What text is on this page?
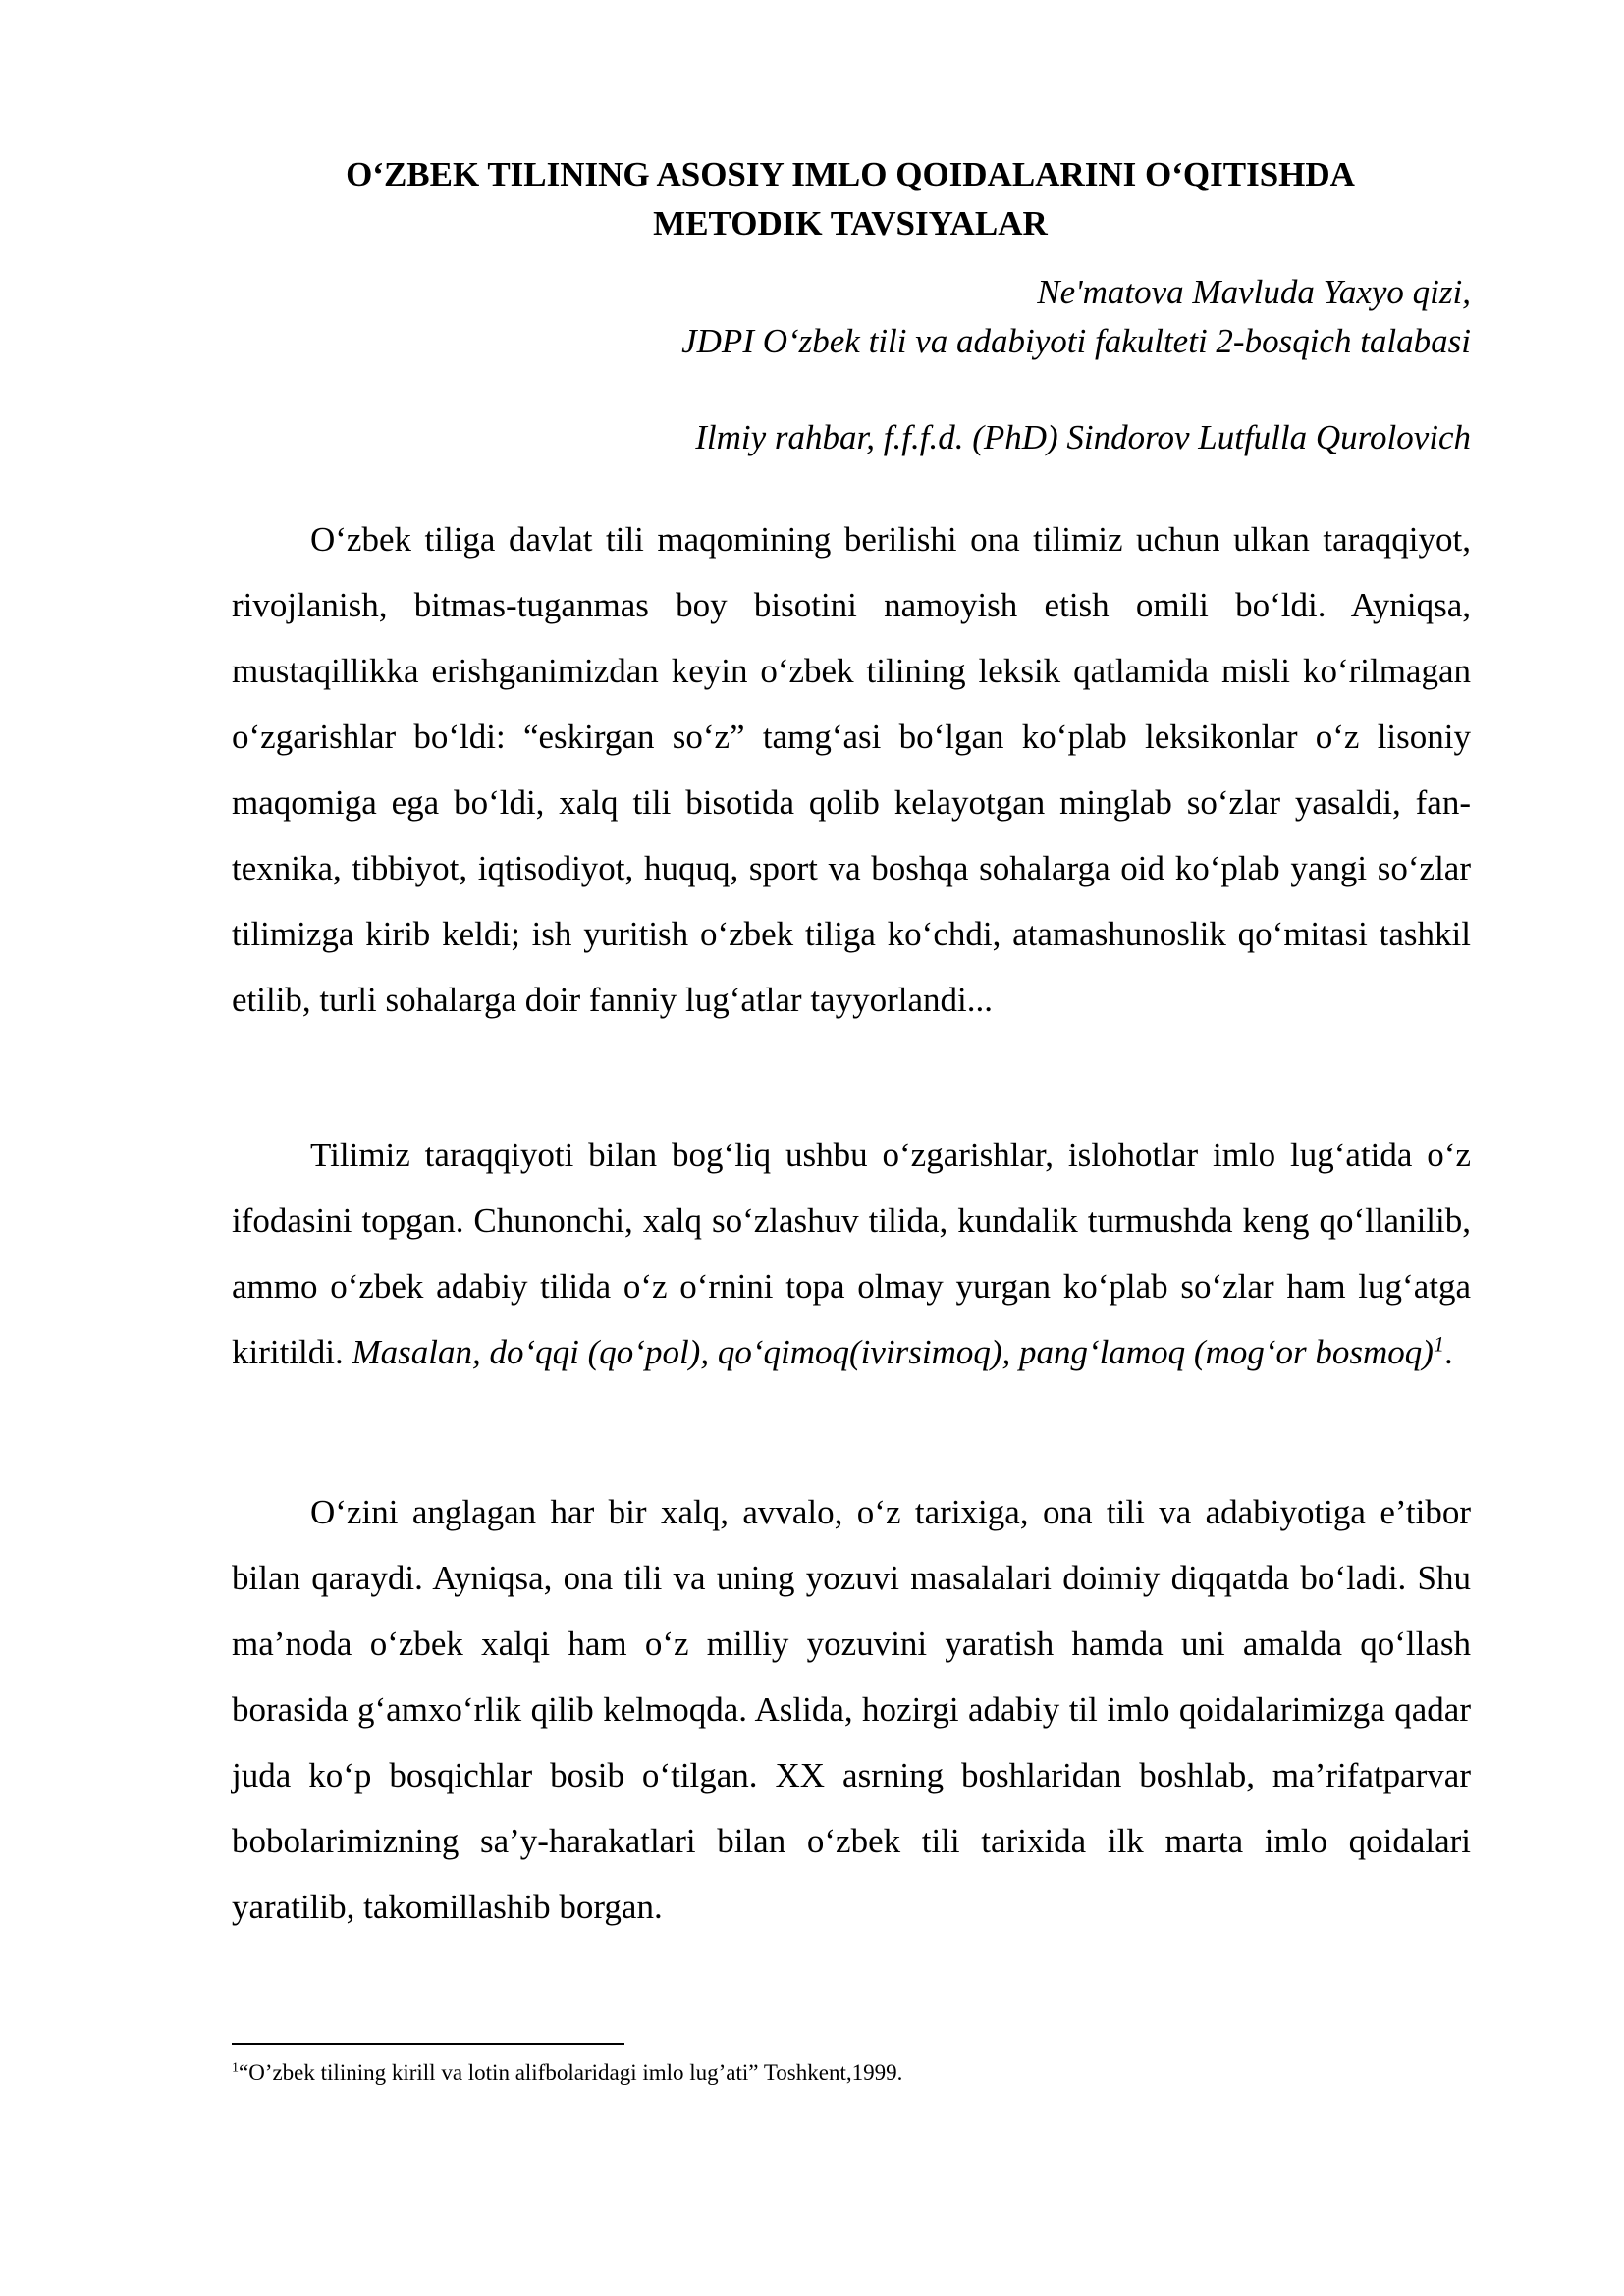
O‘ZBEK TILINING ASOSIY IMLO QOIDALARINI O‘QITISHDA
METODIK TAVSIYALAR
Ne'matova Mavluda Yaxyo qizi,
JDPI O‘zbek tili va adabiyoti fakulteti 2-bosqich talabasi
Ilmiy rahbar, f.f.f.d. (PhD) Sindorov Lutfulla Qurolovich

O‘zbek tiliga davlat tili maqomining berilishi ona tilimiz uchun ulkan taraqqiyot, rivojlanish, bitmas-tuganmas boy bisotini namoyish etish omili bo‘ldi. Ayniqsa, mustaqillikka erishganimizdan keyin o‘zbek tilining leksik qatlamida misli ko‘rilmagan o‘zgarishlar bo‘ldi: “eskirgan so‘z” tamg‘asi bo‘lgan ko‘plab leksikonlar o‘z lisoniy maqomiga ega bo‘ldi, xalq tili bisotida qolib kelayotgan minglab so‘zlar yasaldi, fan-texnika, tibbiyot, iqtisodiyot, huquq, sport va boshqa sohalarga oid ko‘plab yangi so‘zlar tilimizga kirib keldi; ish yuritish o‘zbek tiliga ko‘chdi, atamashunoslik qo‘mitasi tashkil etilib, turli sohalarga doir fanniy lug‘atlar tayyorlandi...

Tilimiz taraqqiyoti bilan bog‘liq ushbu o‘zgarishlar, islohotlar imlo lug‘atida o‘z ifodasini topgan. Chunonchi, xalq so‘zlashuv tilida, kundalik turmushda keng qo‘llanilib, ammo o‘zbek adabiy tilida o‘z o‘rnini topa olmay yurgan ko‘plab so‘zlar ham lug‘atga kiritildi. Masalan, do‘qqi (qo‘pol), qo‘qimoq(ivirsimoq), pang‘lamoq (mog‘or bosmoq)$^1$.

O‘zini anglagan har bir xalq, avvalo, o‘z tarixiga, ona tili va adabiyotiga e’tibor bilan qaraydi. Ayniqsa, ona tili va uning yozuvi masalalari doimiy diqqatda bo‘ladi. Shu ma’noda o‘zbek xalqi ham o‘z milliy yozuvini yaratish hamda uni amalda qo‘llash borasida g‘amxo‘rlik qilib kelmoqda. Aslida, hozirgi adabiy til imlo qoidalarimizga qadar juda ko‘p bosqichlar bosib o‘tilgan. XX asrning boshlaridan boshlab, ma’rifatparvar bobolarimizning sa’y-harakatlari bilan o‘zbek tili tarixida ilk marta imlo qoidalari yaratilib, takomillashib borgan.

$^1$“O’zbek tilining kirill va lotin alifbolaridagi imlo lug’ati” Toshkent,1999.
